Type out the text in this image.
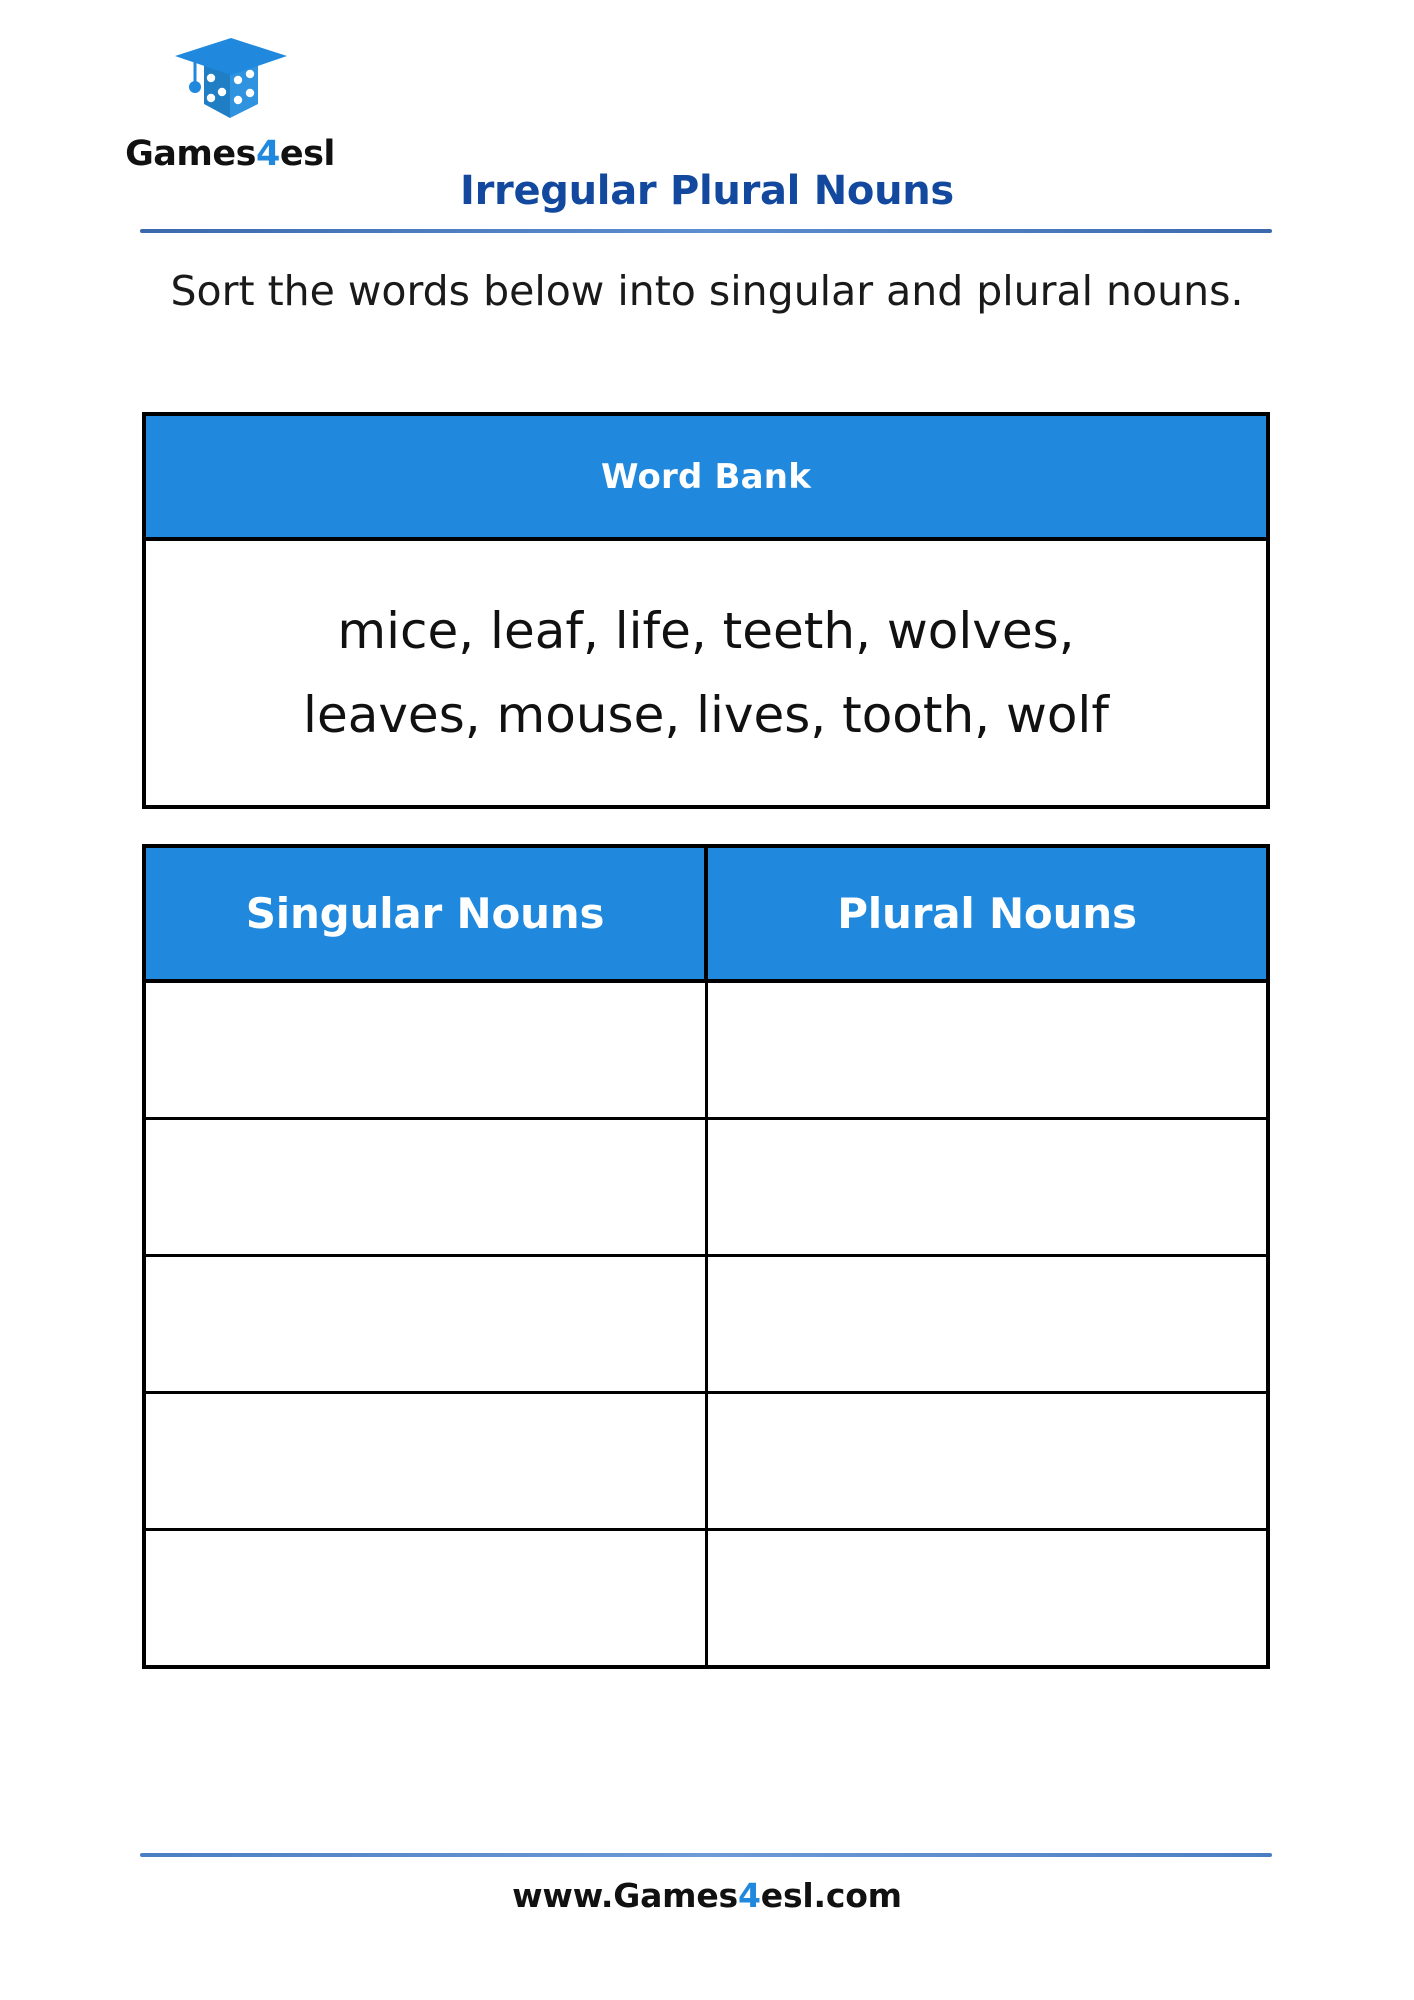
Games4esl
Irregular Plural Nouns
Sort the words below into singular and plural nouns.
Word Bank
mice, leaf, life, teeth, wolves,
leaves, mouse, lives, tooth, wolf
Singular Nouns	Plural Nouns
www.Games4esl.com
